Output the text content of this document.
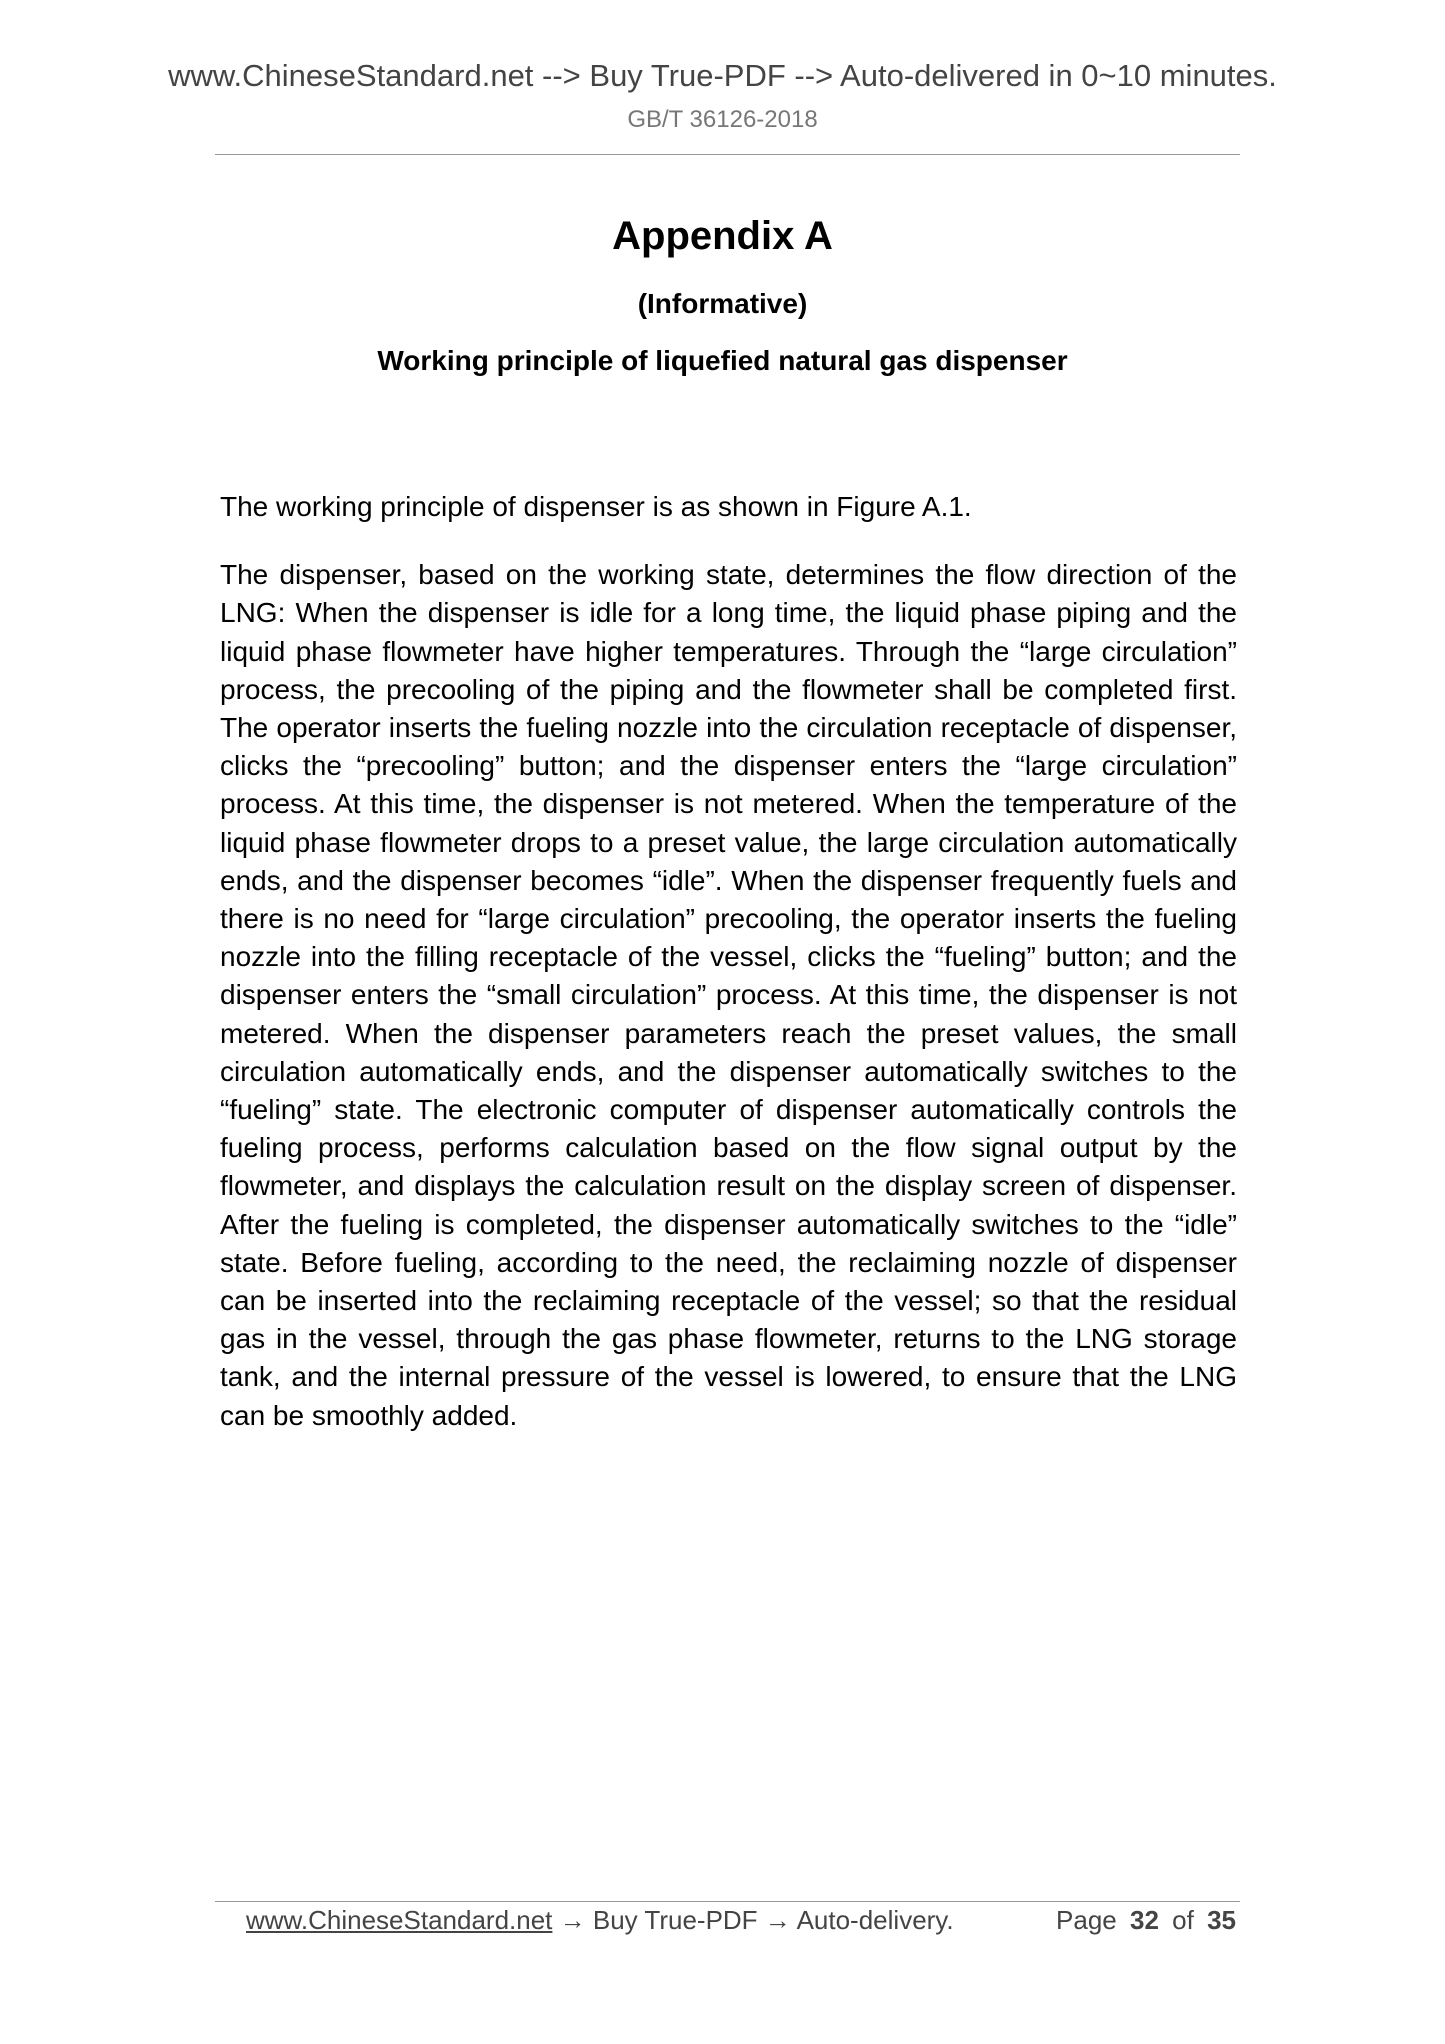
www.ChineseStandard.net --> Buy True-PDF --> Auto-delivered in 0~10 minutes.
GB/T 36126-2018
Appendix A
(Informative)
Working principle of liquefied natural gas dispenser

The working principle of dispenser is as shown in Figure A.1.

The dispenser, based on the working state, determines the flow direction of the LNG: When the dispenser is idle for a long time, the liquid phase piping and the liquid phase flowmeter have higher temperatures. Through the “large circulation” process, the precooling of the piping and the flowmeter shall be completed first. The operator inserts the fueling nozzle into the circulation receptacle of dispenser, clicks the “precooling” button; and the dispenser enters the “large circulation” process. At this time, the dispenser is not metered. When the temperature of the liquid phase flowmeter drops to a preset value, the large circulation automatically ends, and the dispenser becomes “idle”. When the dispenser frequently fuels and there is no need for “large circulation” precooling, the operator inserts the fueling nozzle into the filling receptacle of the vessel, clicks the “fueling” button; and the dispenser enters the “small circulation” process. At this time, the dispenser is not metered. When the dispenser parameters reach the preset values, the small circulation automatically ends, and the dispenser automatically switches to the “fueling” state. The electronic computer of dispenser automatically controls the fueling process, performs calculation based on the flow signal output by the flowmeter, and displays the calculation result on the display screen of dispenser. After the fueling is completed, the dispenser automatically switches to the “idle” state. Before fueling, according to the need, the reclaiming nozzle of dispenser can be inserted into the reclaiming receptacle of the vessel; so that the residual gas in the vessel, through the gas phase flowmeter, returns to the LNG storage tank, and the internal pressure of the vessel is lowered, to ensure that the LNG can be smoothly added.

www.ChineseStandard.net → Buy True-PDF → Auto-delivery.	Page 32 of 35
